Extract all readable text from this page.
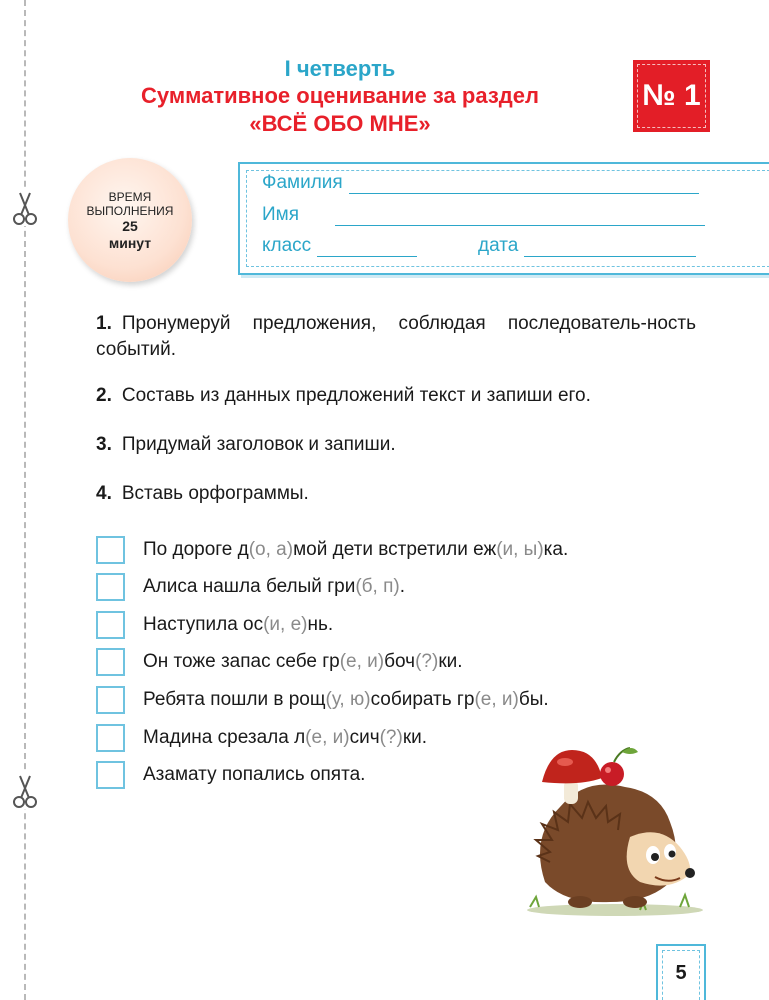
I четверть
Суммативное оценивание за раздел
«ВСЁ ОБО МНЕ»
№ 1
ВРЕМЯ
ВЫПОЛНЕНИЯ
25
минут
Фамилия
Имя
класс	дата
1. Пронумеруй предложения, соблюдая последователь-ность событий.
2. Составь из данных предложений текст и запиши его.
3. Придумай заголовок и запиши.
4. Вставь орфограммы.
По дороге д (о, а) мой дети встретили еж (и, ы) ка.
Алиса нашла белый гри (б, п) .
Наступила ос (и, е) нь.
Он тоже запас себе гр (е, и) боч (?) ки.
Ребята пошли в рощ (у, ю) собирать гр (е, и) бы.
Мадина срезала л (е, и) сич (?) ки.
Азамату попались опята.
5
